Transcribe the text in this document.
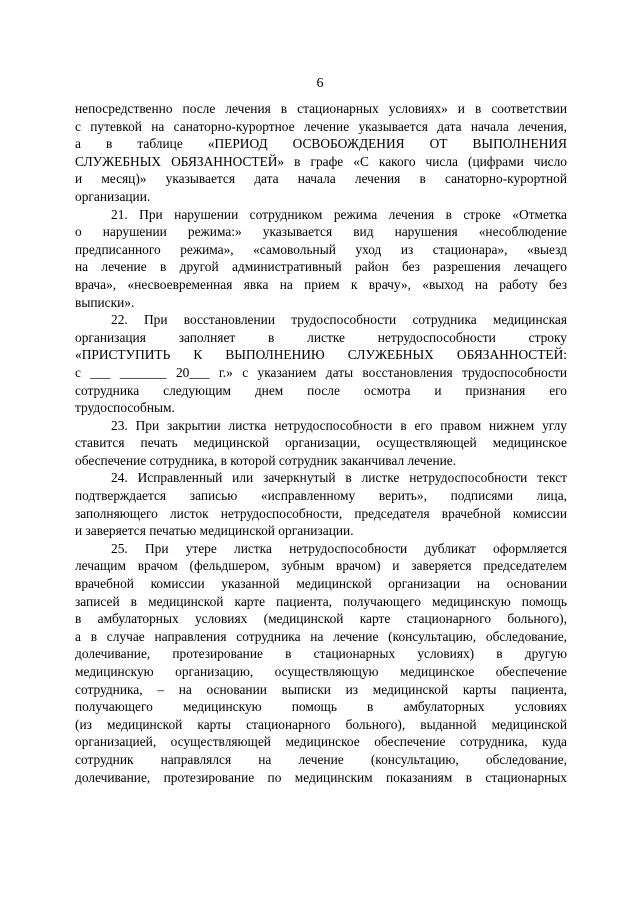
6
непосредственно после лечения в стационарных условиях» и в соответствии
с путевкой на санаторно-курортное лечение указывается дата начала лечения,
а в таблице «ПЕРИОД ОСВОБОЖДЕНИЯ ОТ ВЫПОЛНЕНИЯ
СЛУЖЕБНЫХ ОБЯЗАННОСТЕЙ» в графе «С какого числа (цифрами число
и месяц)» указывается дата начала лечения в санаторно-курортной
организации.
21. При нарушении сотрудником режима лечения в строке «Отметка
о нарушении режима:» указывается вид нарушения «несоблюдение
предписанного режима», «самовольный уход из стационара», «выезд
на лечение в другой административный район без разрешения лечащего
врача», «несвоевременная явка на прием к врачу», «выход на работу без
выписки».
22. При восстановлении трудоспособности сотрудника медицинская
организация заполняет в листке нетрудоспособности строку
«ПРИСТУПИТЬ К ВЫПОЛНЕНИЮ СЛУЖЕБНЫХ ОБЯЗАННОСТЕЙ:
с ___ _______ 20___ г.» с указанием даты восстановления трудоспособности
сотрудника следующим днем после осмотра и признания его
трудоспособным.
23. При закрытии листка нетрудоспособности в его правом нижнем углу
ставится печать медицинской организации, осуществляющей медицинское
обеспечение сотрудника, в которой сотрудник заканчивал лечение.
24. Исправленный или зачеркнутый в листке нетрудоспособности текст
подтверждается записью «исправленному верить», подписями лица,
заполняющего листок нетрудоспособности, председателя врачебной комиссии
и заверяется печатью медицинской организации.
25. При утере листка нетрудоспособности дубликат оформляется
лечащим врачом (фельдшером, зубным врачом) и заверяется председателем
врачебной комиссии указанной медицинской организации на основании
записей в медицинской карте пациента, получающего медицинскую помощь
в амбулаторных условиях (медицинской карте стационарного больного),
а в случае направления сотрудника на лечение (консультацию, обследование,
долечивание, протезирование в стационарных условиях) в другую
медицинскую организацию, осуществляющую медицинское обеспечение
сотрудника, – на основании выписки из медицинской карты пациента,
получающего медицинскую помощь в амбулаторных условиях
(из медицинской карты стационарного больного), выданной медицинской
организацией, осуществляющей медицинское обеспечение сотрудника, куда
сотрудник направлялся на лечение (консультацию, обследование,
долечивание, протезирование по медицинским показаниям в стационарных
